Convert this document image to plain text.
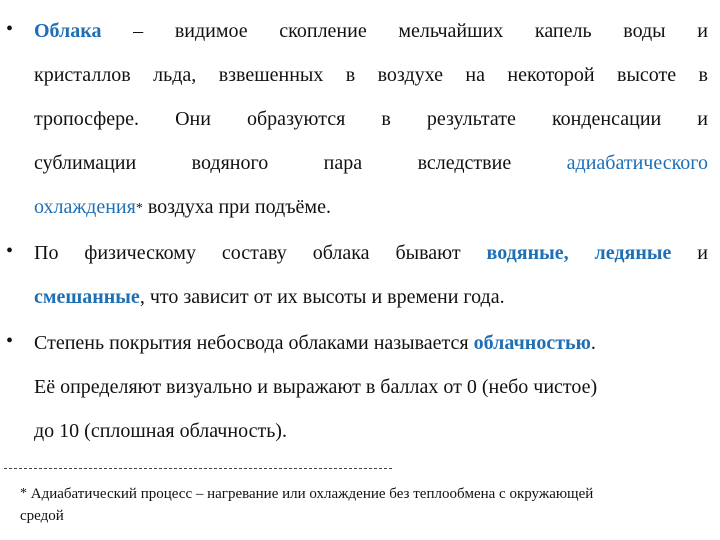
• Облака – видимое скопление мельчайших капель воды и
кристаллов льда, взвешенных в воздухе на некоторой высоте в
тропосфере. Они образуются в результате конденсации и
сублимации водяного пара вследствие адиабатического
охлаждения* воздуха при подъёме.
• По физическому составу облака бывают водяные, ледяные и
смешанные, что зависит от их высоты и времени года.
• Степень покрытия небосвода облаками называется облачностью.
Её определяют визуально и выражают в баллах от 0 (небо чистое)
до 10 (сплошная облачность).
* Адиабатический процесс – нагревание или охлаждение без теплообмена с окружающей
средой
